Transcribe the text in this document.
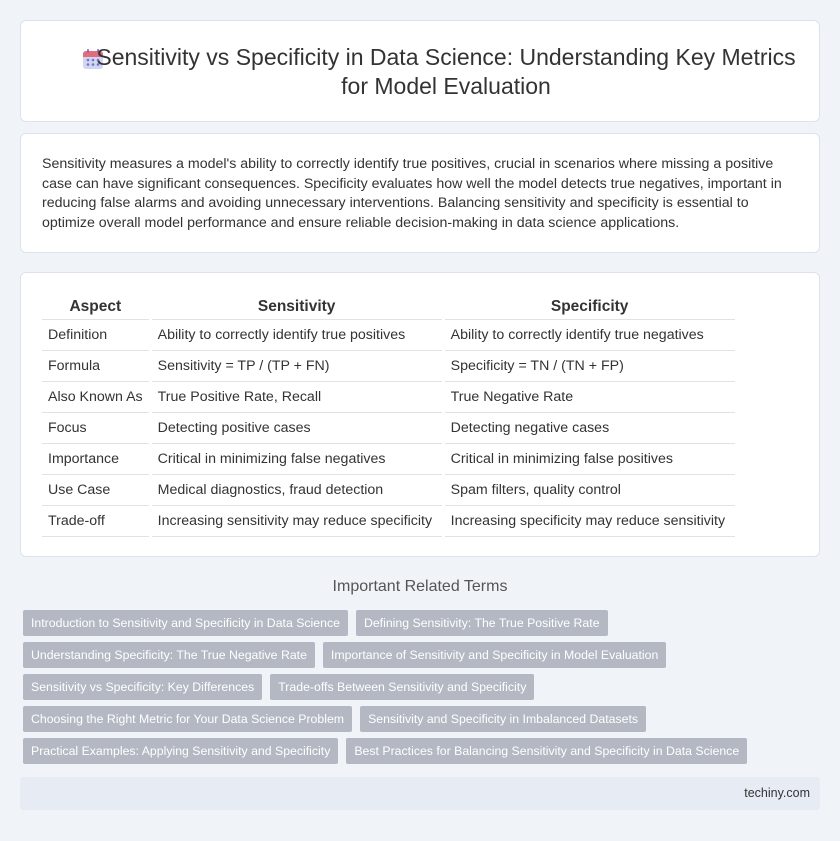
Sensitivity vs Specificity in Data Science: Understanding Key Metrics for Model Evaluation

Sensitivity measures a model's ability to correctly identify true positives, crucial in scenarios where missing a positive case can have significant consequences. Specificity evaluates how well the model detects true negatives, important in reducing false alarms and avoiding unnecessary interventions. Balancing sensitivity and specificity is essential to optimize overall model performance and ensure reliable decision-making in data science applications.

Aspect		Sensitivity		Specificity
Definition		Ability to correctly identify true positives		Ability to correctly identify true negatives
Formula		Sensitivity = TP / (TP + FN)		Specificity = TN / (TN + FP)
Also Known As		True Positive Rate, Recall		True Negative Rate
Focus		Detecting positive cases		Detecting negative cases
Importance		Critical in minimizing false negatives		Critical in minimizing false positives
Use Case		Medical diagnostics, fraud detection		Spam filters, quality control
Trade-off		Increasing sensitivity may reduce specificity		Increasing specificity may reduce sensitivity
Important Related Terms
Introduction to Sensitivity and Specificity in Data Science	Defining Sensitivity: The True Positive Rate
Understanding Specificity: The True Negative Rate	Importance of Sensitivity and Specificity in Model Evaluation
Sensitivity vs Specificity: Key Differences	Trade-offs Between Sensitivity and Specificity
Choosing the Right Metric for Your Data Science Problem	Sensitivity and Specificity in Imbalanced Datasets
Practical Examples: Applying Sensitivity and Specificity	Best Practices for Balancing Sensitivity and Specificity in Data Science
techiny.com
